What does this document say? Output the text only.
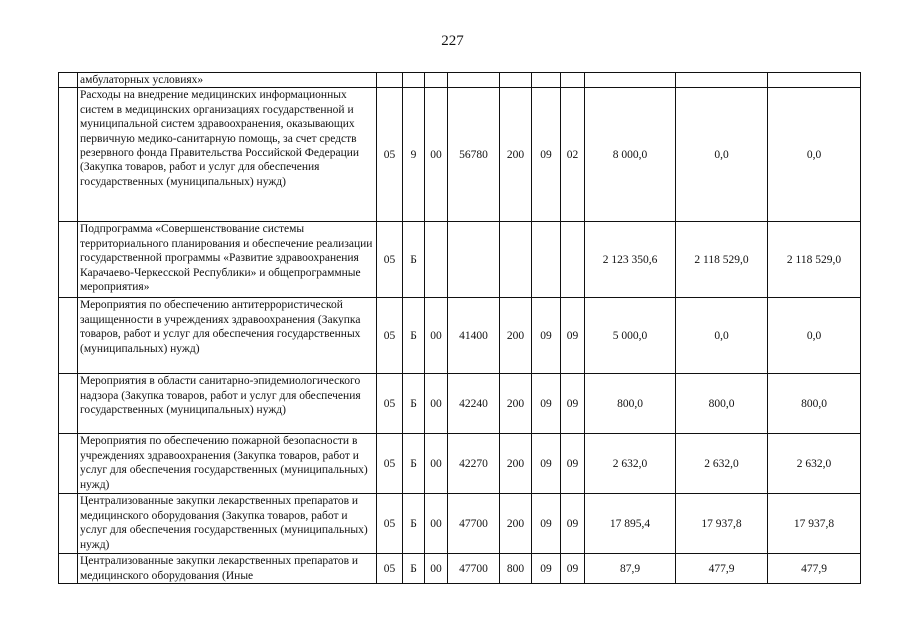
227
	амбулаторных условиях»										
	Расходы на внедрение медицинских информационных систем в медицинских организациях государственной и муниципальной систем здравоохранения, оказывающих первичную медико-санитарную помощь, за счет средств резервного фонда Правительства Российской Федерации (Закупка товаров, работ и услуг для обеспечения государственных (муниципальных) нужд)	05	9	00	56780	200	09	02	8 000,0	0,0	0,0
	Подпрограмма «Совершенствование системы территориального планирования и обеспечение реализации государственной программы «Развитие здравоохранения Карачаево-Черкесской Республики» и общепрограммные мероприятия»	05	Б						2 123 350,6	2 118 529,0	2 118 529,0
	Мероприятия по обеспечению антитеррористической защищенности в учреждениях здравоохранения (Закупка товаров, работ и услуг для обеспечения государственных (муниципальных) нужд)	05	Б	00	41400	200	09	09	5 000,0	0,0	0,0
	Мероприятия в области санитарно-эпидемиологического надзора (Закупка товаров, работ и услуг для обеспечения государственных (муниципальных) нужд)	05	Б	00	42240	200	09	09	800,0	800,0	800,0
	Мероприятия по обеспечению пожарной безопасности в учреждениях здравоохранения (Закупка товаров, работ и услуг для обеспечения государственных (муниципальных) нужд)	05	Б	00	42270	200	09	09	2 632,0	2 632,0	2 632,0
	Централизованные закупки лекарственных препаратов и медицинского оборудования (Закупка товаров, работ и услуг для обеспечения государственных (муниципальных) нужд)	05	Б	00	47700	200	09	09	17 895,4	17 937,8	17 937,8
	Централизованные закупки лекарственных препаратов и медицинского оборудования (Иные	05	Б	00	47700	800	09	09	87,9	477,9	477,9
